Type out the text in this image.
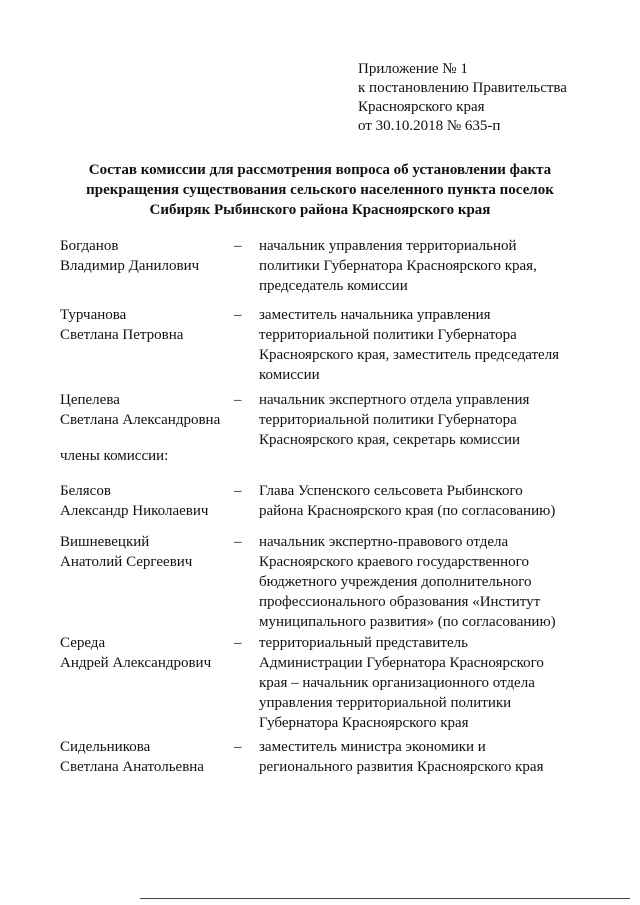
Приложение № 1
к постановлению Правительства
Красноярского края
от 30.10.2018 № 635-п
Состав комиссии для рассмотрения вопроса об установлении факта
прекращения существования сельского населенного пункта поселок
Сибиряк Рыбинского района Красноярского края
Богданов
Владимир Данилович
– начальник управления территориальной
политики Губернатора Красноярского края,
председатель комиссии
Турчанова
Светлана Петровна
– заместитель начальника управления
территориальной политики Губернатора
Красноярского края, заместитель председателя
комиссии
Цепелева
Светлана Александровна
– начальник экспертного отдела управления
территориальной политики Губернатора
Красноярского края, секретарь комиссии
члены комиссии:
Белясов
Александр Николаевич
– Глава Успенского сельсовета Рыбинского
района Красноярского края (по согласованию)
Вишневецкий
Анатолий Сергеевич
– начальник экспертно-правового отдела
Красноярского краевого государственного
бюджетного учреждения дополнительного
профессионального образования «Институт
муниципального развития» (по согласованию)
Середа
Андрей Александрович
– территориальный представитель
Администрации Губернатора Красноярского
края – начальник организационного отдела
управления территориальной политики
Губернатора Красноярского края
Сидельникова
Светлана Анатольевна
– заместитель министра экономики и
регионального развития Красноярского края
